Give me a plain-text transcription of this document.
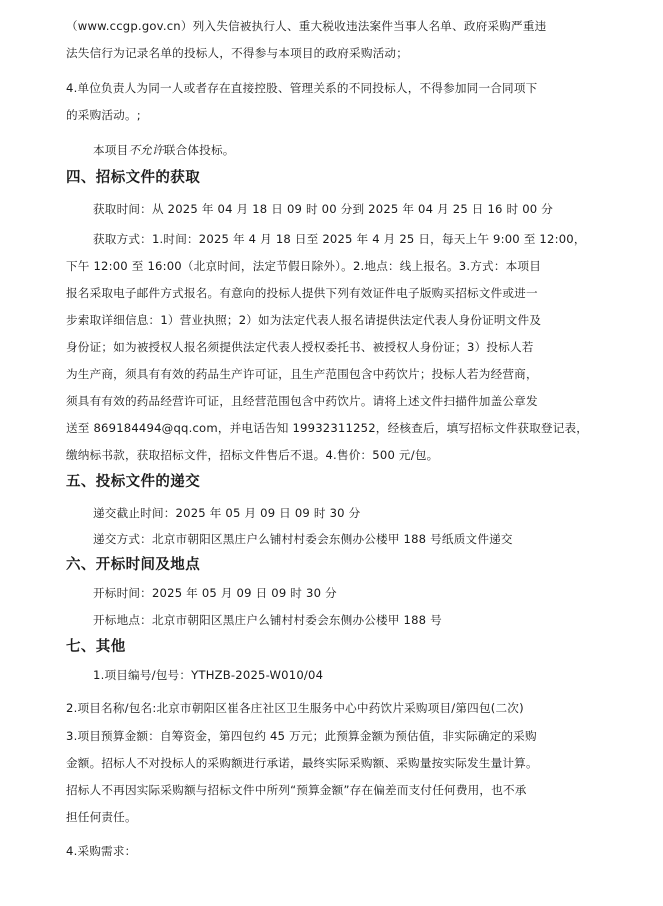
（www.ccgp.gov.cn）列入失信被执行人、重大税收违法案件当事人名单、政府采购严重违
法失信行为记录名单的投标人，不得参与本项目的政府采购活动；
4.单位负责人为同一人或者存在直接控股、管理关系的不同投标人，不得参加同一合同项下
的采购活动。;
本项目不允许联合体投标。
四、招标文件的获取
获取时间：从 2025 年 04 月 18 日 09 时 00 分到 2025 年 04 月 25 日 16 时 00 分
获取方式：1.时间：2025 年 4 月 18 日至 2025 年 4 月 25 日，每天上午 9:00 至 12:00，
下午 12:00 至 16:00（北京时间，法定节假日除外）。2.地点：线上报名。3.方式：本项目
报名采取电子邮件方式报名。有意向的投标人提供下列有效证件电子版购买招标文件或进一
步索取详细信息：1）营业执照；2）如为法定代表人报名请提供法定代表人身份证明文件及
身份证；如为被授权人报名须提供法定代表人授权委托书、被授权人身份证；3）投标人若
为生产商，须具有有效的药品生产许可证，且生产范围包含中药饮片；投标人若为经营商，
须具有有效的药品经营许可证，且经营范围包含中药饮片。请将上述文件扫描件加盖公章发
送至 869184494@qq.com，并电话告知 19932311252，经核查后，填写招标文件获取登记表，
缴纳标书款，获取招标文件，招标文件售后不退。4.售价：500 元/包。
五、投标文件的递交
递交截止时间：2025 年 05 月 09 日 09 时 30 分
递交方式：北京市朝阳区黑庄户么铺村村委会东侧办公楼甲 188 号纸质文件递交
六、开标时间及地点
开标时间：2025 年 05 月 09 日 09 时 30 分
开标地点：北京市朝阳区黑庄户么铺村村委会东侧办公楼甲 188 号
七、其他
1.项目编号/包号：YTHZB-2025-W010/04
2.项目名称/包名:北京市朝阳区崔各庄社区卫生服务中心中药饮片采购项目/第四包(二次)
3.项目预算金额：自筹资金，第四包约 45 万元；此预算金额为预估值，非实际确定的采购
金额。招标人不对投标人的采购额进行承诺，最终实际采购额、采购量按实际发生量计算。
招标人不再因实际采购额与招标文件中所列“预算金额”存在偏差而支付任何费用，也不承
担任何责任。
4.采购需求：
